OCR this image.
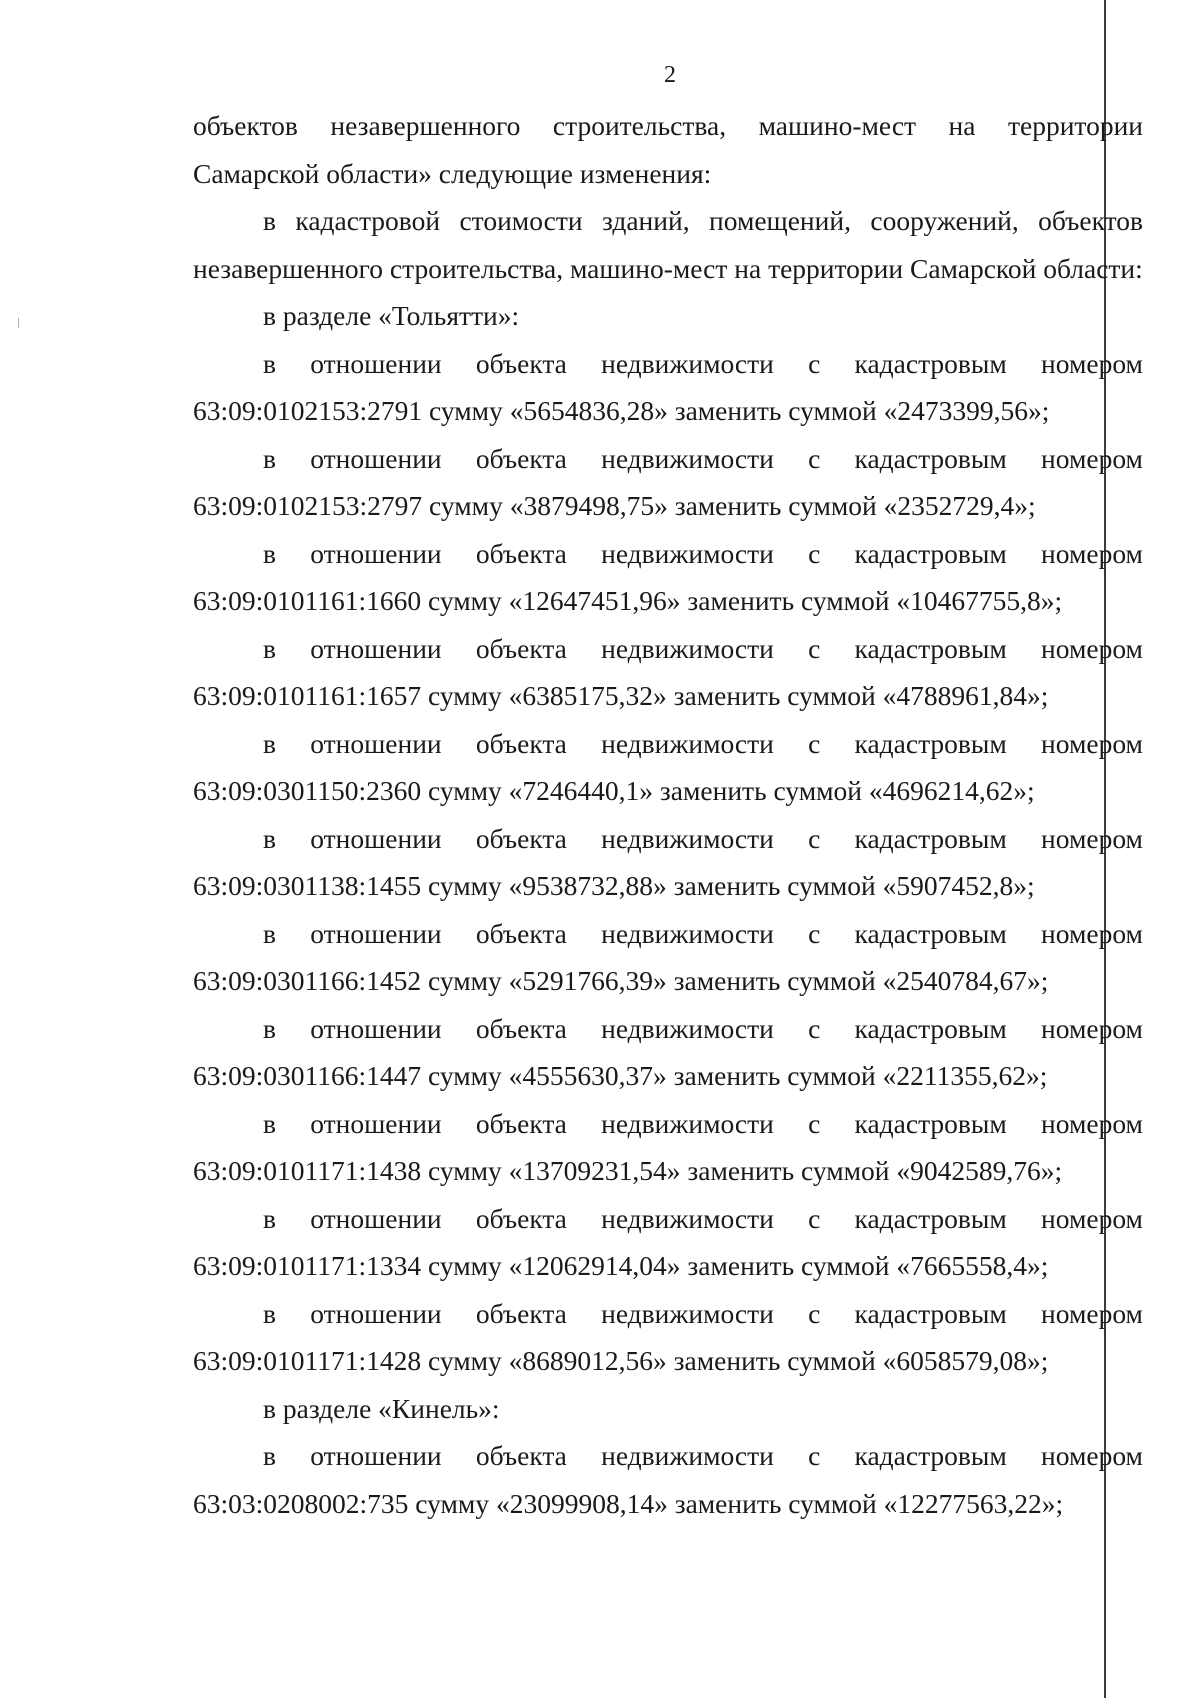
2

объектов незавершенного строительства, машино-мест на территории Самарской области» следующие изменения:

в кадастровой стоимости зданий, помещений, сооружений, объектов незавершенного строительства, машино-мест на территории Самарской области:

в разделе «Тольятти»:

в отношении объекта недвижимости с кадастровым номером
63:09:0102153:2791 сумму «5654836,28» заменить суммой «2473399,56»;
в отношении объекта недвижимости с кадастровым номером
63:09:0102153:2797 сумму «3879498,75» заменить суммой «2352729,4»;
в отношении объекта недвижимости с кадастровым номером
63:09:0101161:1660 сумму «12647451,96» заменить суммой «10467755,8»;
в отношении объекта недвижимости с кадастровым номером
63:09:0101161:1657 сумму «6385175,32» заменить суммой «4788961,84»;
в отношении объекта недвижимости с кадастровым номером
63:09:0301150:2360 сумму «7246440,1» заменить суммой «4696214,62»;
в отношении объекта недвижимости с кадастровым номером
63:09:0301138:1455 сумму «9538732,88» заменить суммой «5907452,8»;
в отношении объекта недвижимости с кадастровым номером
63:09:0301166:1452 сумму «5291766,39» заменить суммой «2540784,67»;
в отношении объекта недвижимости с кадастровым номером
63:09:0301166:1447 сумму «4555630,37» заменить суммой «2211355,62»;
в отношении объекта недвижимости с кадастровым номером
63:09:0101171:1438 сумму «13709231,54» заменить суммой «9042589,76»;
в отношении объекта недвижимости с кадастровым номером
63:09:0101171:1334 сумму «12062914,04» заменить суммой «7665558,4»;
в отношении объекта недвижимости с кадастровым номером
63:09:0101171:1428 сумму «8689012,56» заменить суммой «6058579,08»;

в разделе «Кинель»:

в отношении объекта недвижимости с кадастровым номером
63:03:0208002:735 сумму «23099908,14» заменить суммой «12277563,22»;
